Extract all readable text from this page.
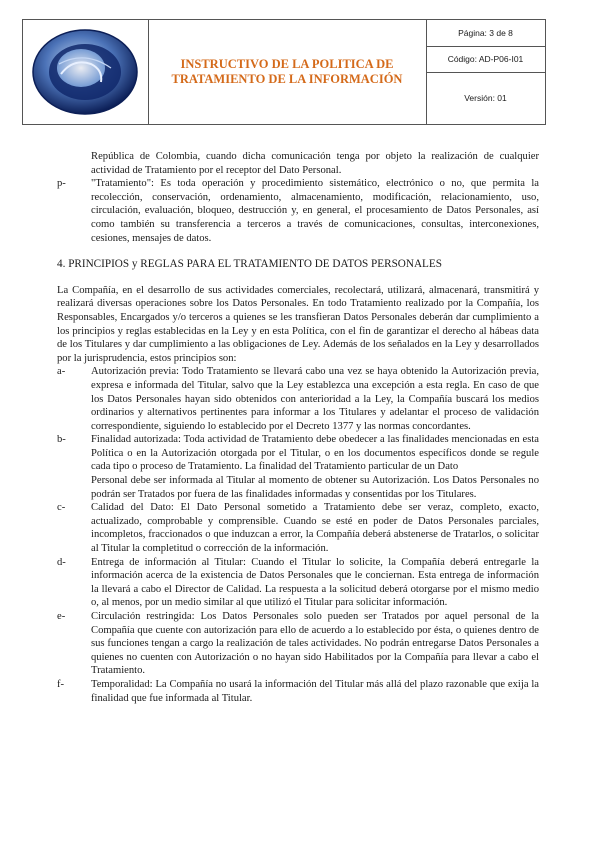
INSTRUCTIVO DE LA POLITICA DE
TRATAMIENTO DE LA INFORMACIÓN
Página: 3 de 8
Código: AD-P06-I01
Versión: 01

República de Colombia, cuando dicha comunicación tenga por objeto la realización de cualquier actividad de Tratamiento por el receptor del Dato Personal.

p-	"Tratamiento": Es toda operación y procedimiento sistemático, electrónico o no, que permita la recolección, conservación, ordenamiento, almacenamiento, modificación, relacionamiento, uso, circulación, evaluación, bloqueo, destrucción y, en general, el procesamiento de Datos Personales, así como también su transferencia a terceros a través de comunicaciones, consultas, interconexiones, cesiones, mensajes de datos.

4. PRINCIPIOS y REGLAS PARA EL TRATAMIENTO DE DATOS PERSONALES

La Compañía, en el desarrollo de sus actividades comerciales, recolectará, utilizará, almacenará, transmitirá y realizará diversas operaciones sobre los Datos Personales. En todo Tratamiento realizado por la Compañía, los Responsables, Encargados y/o terceros a quienes se les transfieran Datos Personales deberán dar cumplimiento a los principios y reglas establecidas en la Ley y en esta Política, con el fin de garantizar el derecho al hábeas data de los Titulares y dar cumplimiento a las obligaciones de Ley. Además de los señalados en la Ley y desarrollados por la jurisprudencia, estos principios son:

a-	Autorización previa: Todo Tratamiento se llevará cabo una vez se haya obtenido la Autorización previa, expresa e informada del Titular, salvo que la Ley establezca una excepción a esta regla. En caso de que los Datos Personales hayan sido obtenidos con anterioridad a la Ley, la Compañía buscará los medios ordinarios y alternativos pertinentes para informar a los Titulares y adelantar el proceso de validación correspondiente, siguiendo lo establecido por el Decreto 1377 y las normas concordantes.
b-	Finalidad autorizada: Toda actividad de Tratamiento debe obedecer a las finalidades mencionadas en esta Política o en la Autorización otorgada por el Titular, o en los documentos específicos donde se regule cada tipo o proceso de Tratamiento. La finalidad del Tratamiento particular de un Dato

Personal debe ser informada al Titular al momento de obtener su Autorización. Los Datos Personales no podrán ser Tratados por fuera de las finalidades informadas y consentidas por los Titulares.

c-	Calidad del Dato: El Dato Personal sometido a Tratamiento debe ser veraz, completo, exacto, actualizado, comprobable y comprensible. Cuando se esté en poder de Datos Personales parciales, incompletos, fraccionados o que induzcan a error, la Compañía deberá abstenerse de Tratarlos, o solicitar al Titular la completitud o corrección de la información.
d-	Entrega de información al Titular: Cuando el Titular lo solicite, la Compañía deberá entregarle la información acerca de la existencia de Datos Personales que le conciernan. Esta entrega de información la llevará a cabo el Director de Calidad. La respuesta a la solicitud deberá otorgarse por el mismo medio o, al menos, por un medio similar al que utilizó el Titular para solicitar información.
e-	Circulación restringida: Los Datos Personales solo pueden ser Tratados por aquel personal de la Compañía que cuente con autorización para ello de acuerdo a lo establecido por ésta, o quienes dentro de sus funciones tengan a cargo la realización de tales actividades. No podrán entregarse Datos Personales a quienes no cuenten con Autorización o no hayan sido Habilitados por la Compañía para llevar a cabo el Tratamiento.
f-	Temporalidad: La Compañía no usará la información del Titular más allá del plazo razonable que exija la finalidad que fue informada al Titular.
